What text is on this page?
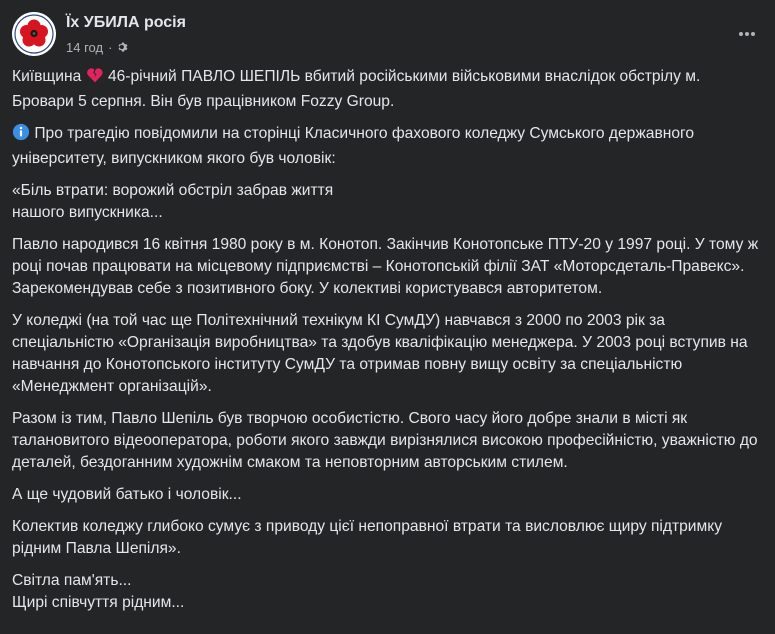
Їх УБИЛА росія
14 год ·

Київщина 46-річний ПАВЛО ШЕПІЛЬ вбитий російськими військовими внаслідок обстрілу м. Бровари 5 серпня. Він був працівником Fozzy Group.

Про трагедію повідомили на сторінці Класичного фахового коледжу Сумського державного університету, випускником якого був чоловік:

«Біль втрати: ворожий обстріл забрав життя
нашого випускника...

Павло народився 16 квітня 1980 року в м. Конотоп. Закінчив Конотопське ПТУ-20 у 1997 році. У тому ж році почав працювати на місцевому підприємстві – Конотопській філії ЗАТ «Моторсдеталь-Правекс». Зарекомендував себе з позитивного боку. У колективі користувався авторитетом.

У коледжі (на той час ще Політехнічний технікум КІ СумДУ) навчався з 2000 по 2003 рік за спеціальністю «Організація виробництва» та здобув кваліфікацію менеджера. У 2003 році вступив на навчання до Конотопського інституту СумДУ та отримав повну вищу освіту за спеціальністю «Менеджмент організацій».

Разом із тим, Павло Шепіль був творчою особистістю. Свого часу його добре знали в місті як талановитого відеооператора, роботи якого завжди вирізнялися високою професійністю, уважністю до деталей, бездоганним художнім смаком та неповторним авторським стилем.

А ще чудовий батько і чоловік...

Колектив коледжу глибоко сумує з приводу цієї непоправної втрати та висловлює щиру підтримку рідним Павла Шепіля».

Світла пам'ять...
Щирі співчуття рідним...
